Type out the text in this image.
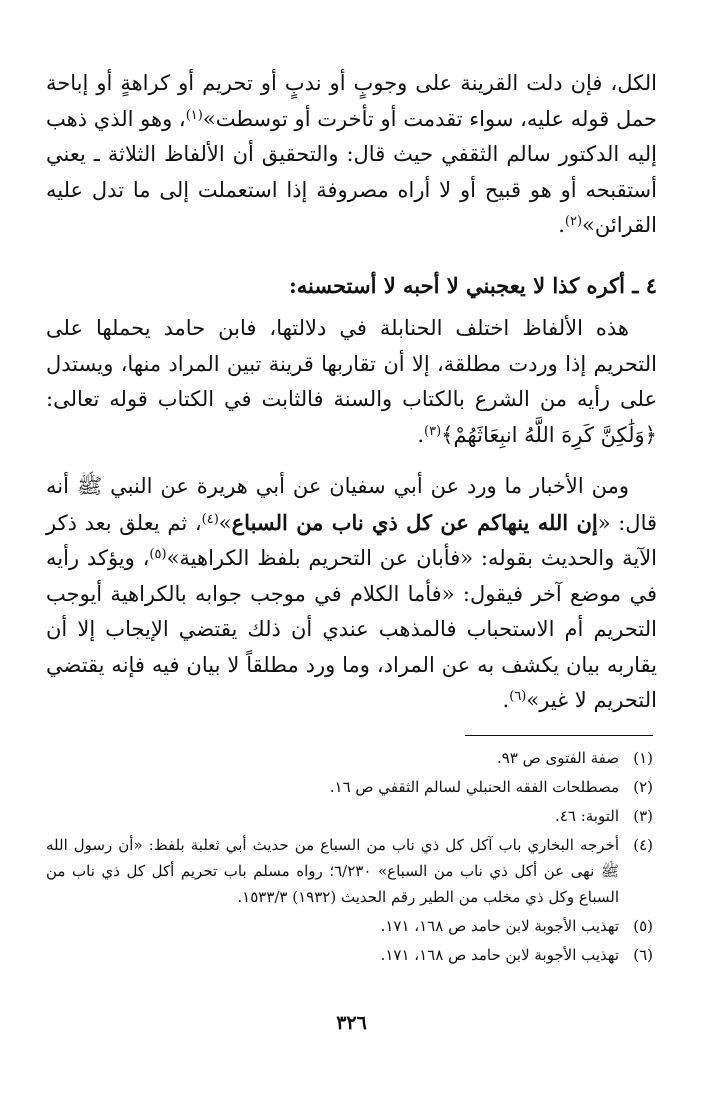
الكل، فإن دلت القرينة على وجوبٍ أو ندبٍ أو تحريم أو كراهةٍ أو إباحة حمل قوله عليه، سواء تقدمت أو تأخرت أو توسطت»$^{(١)}$، وهو الذي ذهب إليه الدكتور سالم الثقفي حيث قال: والتحقيق أن الألفاظ الثلاثة ـ يعني أستقبحه أو هو قبيح أو لا أراه مصروفة إذا استعملت إلى ما تدل عليه القرائن»$^{(٢)}$.

٤ ـ أكره كذا لا يعجبني لا أحبه لا أستحسنه:

هذه الألفاظ اختلف الحنابلة في دلالتها، فابن حامد يحملها على التحريم إذا وردت مطلقة، إلا أن تقاربها قرينة تبين المراد منها، ويستدل على رأيه من الشرع بالكتاب والسنة فالثابت في الكتاب قوله تعالى: ﴿وَلَٰكِنَّ كَرِهَ اللَّهُ انبِعَاثَهُمْ﴾$^{(٣)}$.

ومن الأخبار ما ورد عن أبي سفيان عن أبي هريرة عن النبي ﷺ أنه قال: «إن الله ينهاكم عن كل ذي ناب من السباع»$^{(٤)}$، ثم يعلق بعد ذكر الآية والحديث بقوله: «فأبان عن التحريم بلفظ الكراهية»$^{(٥)}$، ويؤكد رأيه في موضع آخر فيقول: «فأما الكلام في موجب جوابه بالكراهية أيوجب التحريم أم الاستحباب فالمذهب عندي أن ذلك يقتضي الإيجاب إلا أن يقاربه بيان يكشف به عن المراد، وما ورد مطلقاً لا بيان فيه فإنه يقتضي التحريم لا غير»$^{(٦)}$.

(١)
صفة الفتوى ص ٩٣.
(٢)
مصطلحات الفقه الحنبلي لسالم الثقفي ص ١٦.
(٣)
التوبة: ٤٦.
(٤)
أخرجه البخاري باب آكل كل ذي ناب من السباع من حديث أبي ثعلبة بلفظ: «أن رسول الله ﷺ نهى عن أكل ذي ناب من السباع» ٦/٢٣٠؛ رواه مسلم باب تحريم أكل كل ذي ناب من السباع وكل ذي مخلب من الطير رقم الحديث (١٩٣٢) ١٥٣٣/٣.
(٥)
تهذيب الأجوبة لابن حامد ص ١٦٨، ١٧١.
(٦)
تهذيب الأجوبة لابن حامد ص ١٦٨، ١٧١.
٣٢٦
